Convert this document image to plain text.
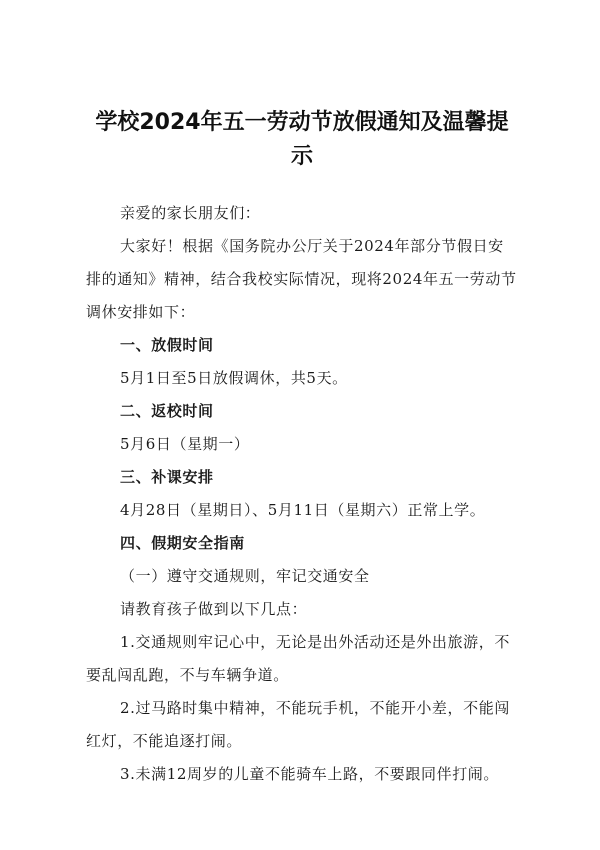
学校2024年五一劳动节放假通知及温馨提示
亲爱的家长朋友们：
大家好！根据《国务院办公厅关于2024年部分节假日安排的通知》精神，结合我校实际情况，现将2024年五一劳动节调休安排如下：
一、放假时间
5月1日至5日放假调休，共5天。
二、返校时间
5月6日（星期一）
三、补课安排
4月28日（星期日）、5月11日（星期六）正常上学。
四、假期安全指南
（一）遵守交通规则，牢记交通安全
请教育孩子做到以下几点：
1.交通规则牢记心中，无论是出外活动还是外出旅游，不要乱闯乱跑，不与车辆争道。
2.过马路时集中精神，不能玩手机，不能开小差，不能闯红灯，不能追逐打闹。
3.未满12周岁的儿童不能骑车上路，不要跟同伴打闹。
